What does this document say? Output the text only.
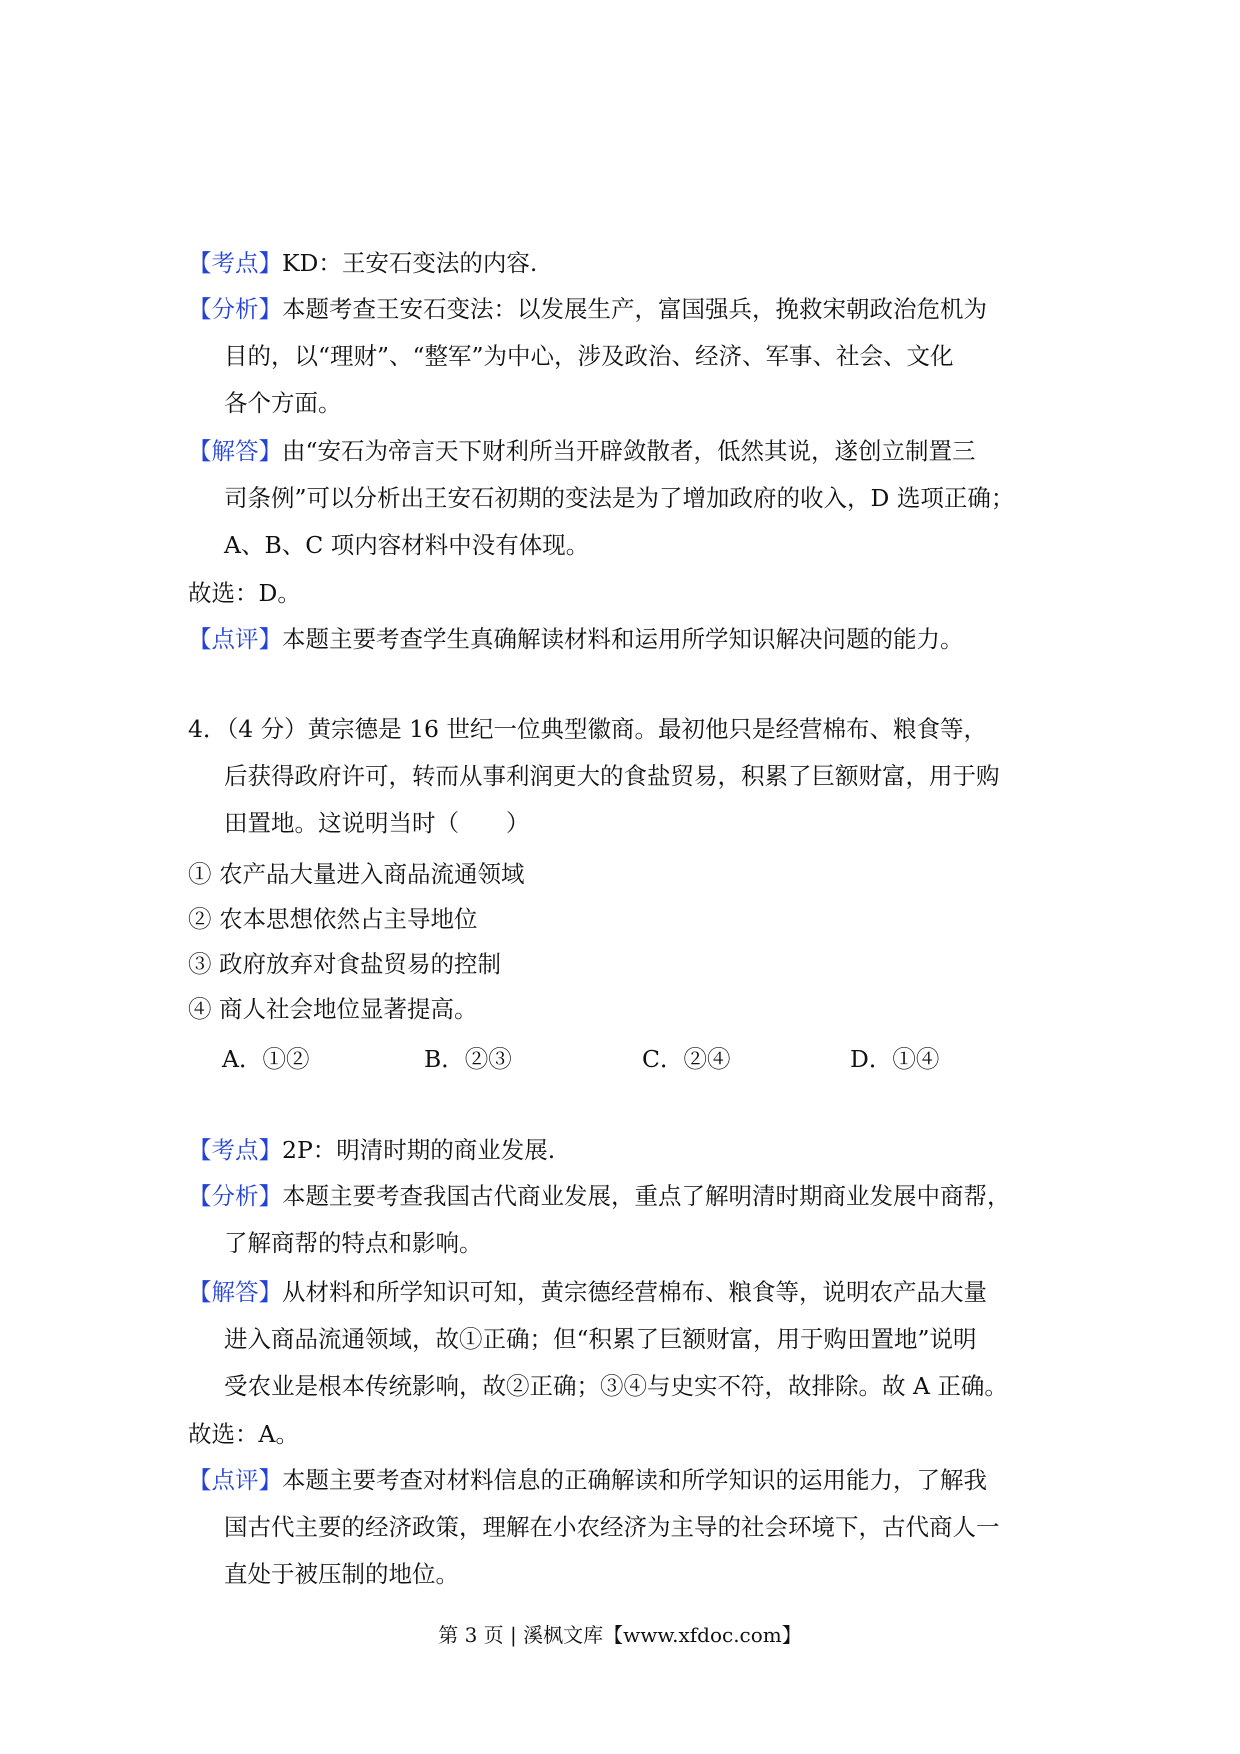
【考点】KD：王安石变法的内容.
【分析】本题考查王安石变法：以发展生产，富国强兵，挽救宋朝政治危机为
目的，以“理财”、“整军”为中心，涉及政治、经济、军事、社会、文化
各个方面。
【解答】由“安石为帝言天下财利所当开辟敛散者，低然其说，遂创立制置三
司条例”可以分析出王安石初期的变法是为了增加政府的收入，D 选项正确；
A、B、C 项内容材料中没有体现。
故选：D。
【点评】本题主要考查学生真确解读材料和运用所学知识解决问题的能力。
4．（4 分）黄宗德是 16 世纪一位典型徽商。最初他只是经营棉布、粮食等，
后获得政府许可，转而从事利润更大的食盐贸易，积累了巨额财富，用于购
田置地。这说明当时（　　）
① 农产品大量进入商品流通领域
② 农本思想依然占主导地位
③ 政府放弃对食盐贸易的控制
④ 商人社会地位显著提高。
A．①②	B．②③	C．②④	D．①④
【考点】2P：明清时期的商业发展.
【分析】本题主要考查我国古代商业发展，重点了解明清时期商业发展中商帮，
了解商帮的特点和影响。
【解答】从材料和所学知识可知，黄宗德经营棉布、粮食等，说明农产品大量
进入商品流通领域，故①正确；但“积累了巨额财富，用于购田置地”说明
受农业是根本传统影响，故②正确；③④与史实不符，故排除。故 A 正确。
故选：A。
【点评】本题主要考查对材料信息的正确解读和所学知识的运用能力，了解我
国古代主要的经济政策，理解在小农经济为主导的社会环境下，古代商人一
直处于被压制的地位。
第 3 页 | 溪枫文库【www.xfdoc.com】
